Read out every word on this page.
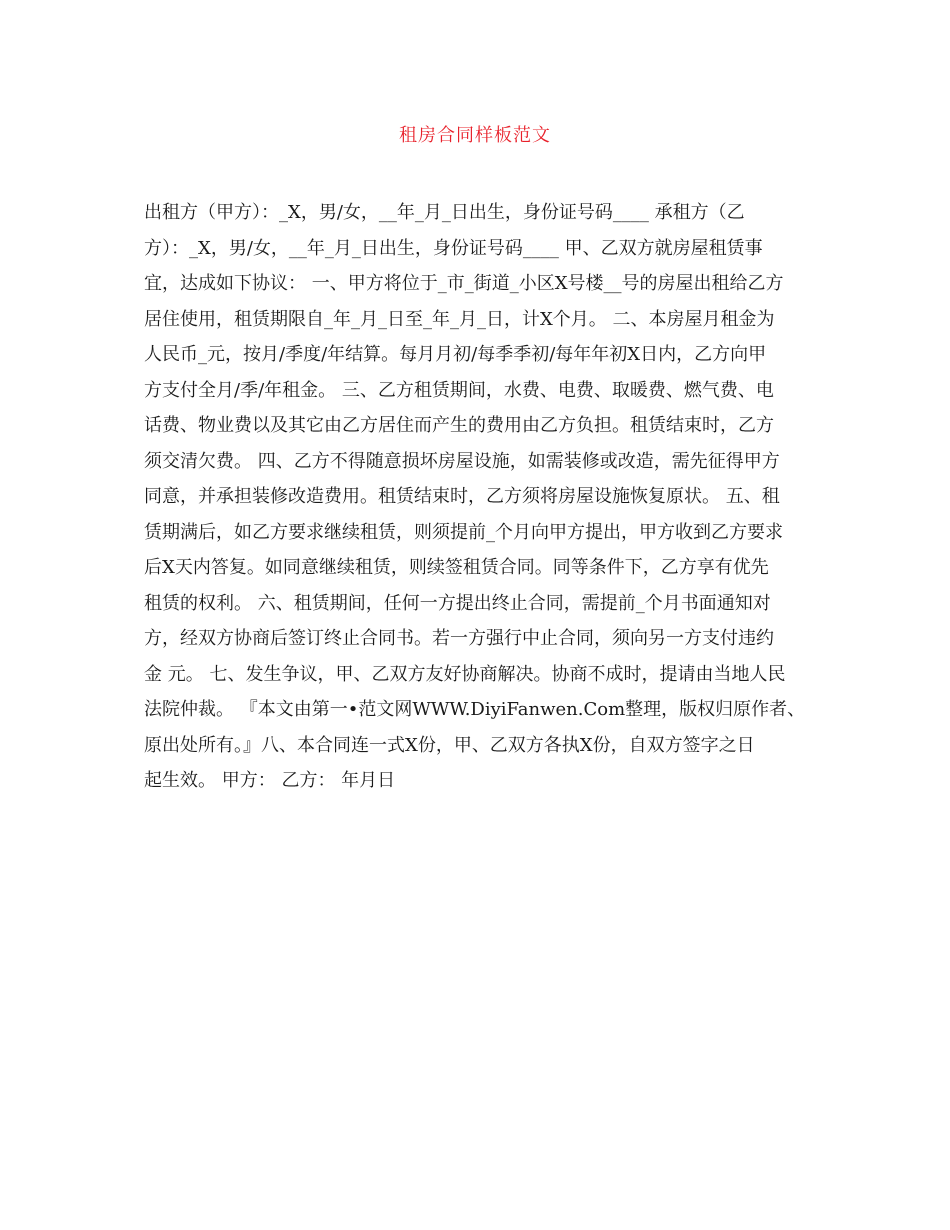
租房合同样板范文
出租方（甲方）：_X，男/女，__年_月_日出生，身份证号码____ 承租方（乙
方）：_X，男/女，__年_月_日出生，身份证号码____ 甲、乙双方就房屋租赁事
宜，达成如下协议： 一、甲方将位于_市_街道_小区X号楼__号的房屋出租给乙方
居住使用，租赁期限自_年_月_日至_年_月_日，计X个月。 二、本房屋月租金为
人民币_元，按月/季度/年结算。每月月初/每季季初/每年年初X日内，乙方向甲
方支付全月/季/年租金。 三、乙方租赁期间，水费、电费、取暖费、燃气费、电
话费、物业费以及其它由乙方居住而产生的费用由乙方负担。租赁结束时，乙方
须交清欠费。 四、乙方不得随意损坏房屋设施，如需装修或改造，需先征得甲方
同意，并承担装修改造费用。租赁结束时，乙方须将房屋设施恢复原状。 五、租
赁期满后，如乙方要求继续租赁，则须提前_个月向甲方提出，甲方收到乙方要求
后X天内答复。如同意继续租赁，则续签租赁合同。同等条件下，乙方享有优先
租赁的权利。 六、租赁期间，任何一方提出终止合同，需提前_个月书面通知对
方，经双方协商后签订终止合同书。若一方强行中止合同，须向另一方支付违约
金 元。 七、发生争议，甲、乙双方友好协商解决。协商不成时，提请由当地人民
法院仲裁。 『本文由第一•范文网WWW.DiyiFanwen.Com整理，版权归原作者、
原出处所有。』八、本合同连一式X份，甲、乙双方各执X份，自双方签字之日
起生效。 甲方： 乙方： 年月日
